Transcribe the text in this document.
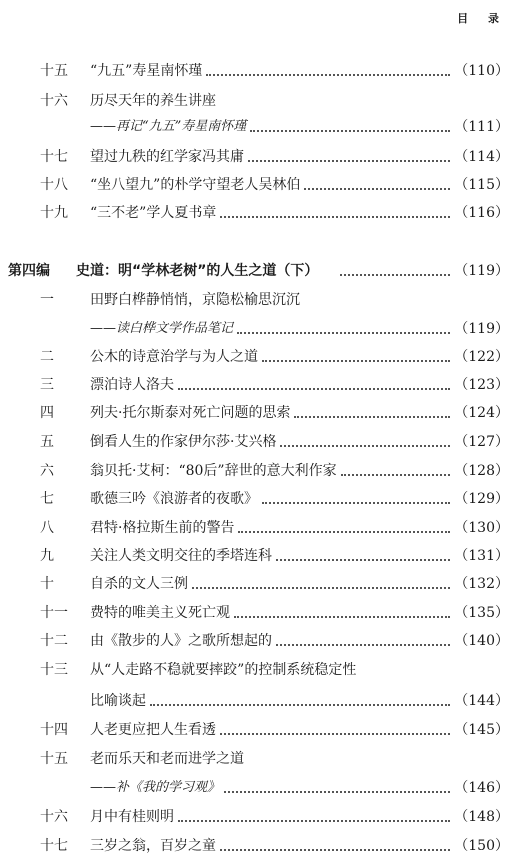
目 录
十五	“九五”寿星南怀瑾	（110）
十六	历尽天年的养生讲座
——再记“九五”寿星南怀瑾	（111）
十七	望过九秩的红学家冯其庸	（114）
十八	“坐八望九”的朴学守望老人吴林伯	（115）
十九	“三不老”学人夏书章	（116）
第四编 史道：明“学林老树”的人生之道（下）	（119）
一	田野白桦静悄悄，京隐松榆思沉沉
——读白桦文学作品笔记	（119）
二	公木的诗意治学与为人之道	（122）
三	漂泊诗人洛夫	（123）
四	列夫·托尔斯泰对死亡问题的思索	（124）
五	倒看人生的作家伊尔莎·艾兴格	（127）
六	翁贝托·艾柯：“80后”辞世的意大利作家	（128）
七	歌德三吟《浪游者的夜歌》	（129）
八	君特·格拉斯生前的警告	（130）
九	关注人类文明交往的季塔连科	（131）
十	自杀的文人三例	（132）
十一	费特的唯美主义死亡观	（135）
十二	由《散步的人》之歌所想起的	（140）
十三	从“人走路不稳就要摔跤”的控制系统稳定性
比喻谈起	（144）
十四	人老更应把人生看透	（145）
十五	老而乐天和老而进学之道
——补《我的学习观》	（146）
十六	月中有桂则明	（148）
十七	三岁之翁，百岁之童	（150）
